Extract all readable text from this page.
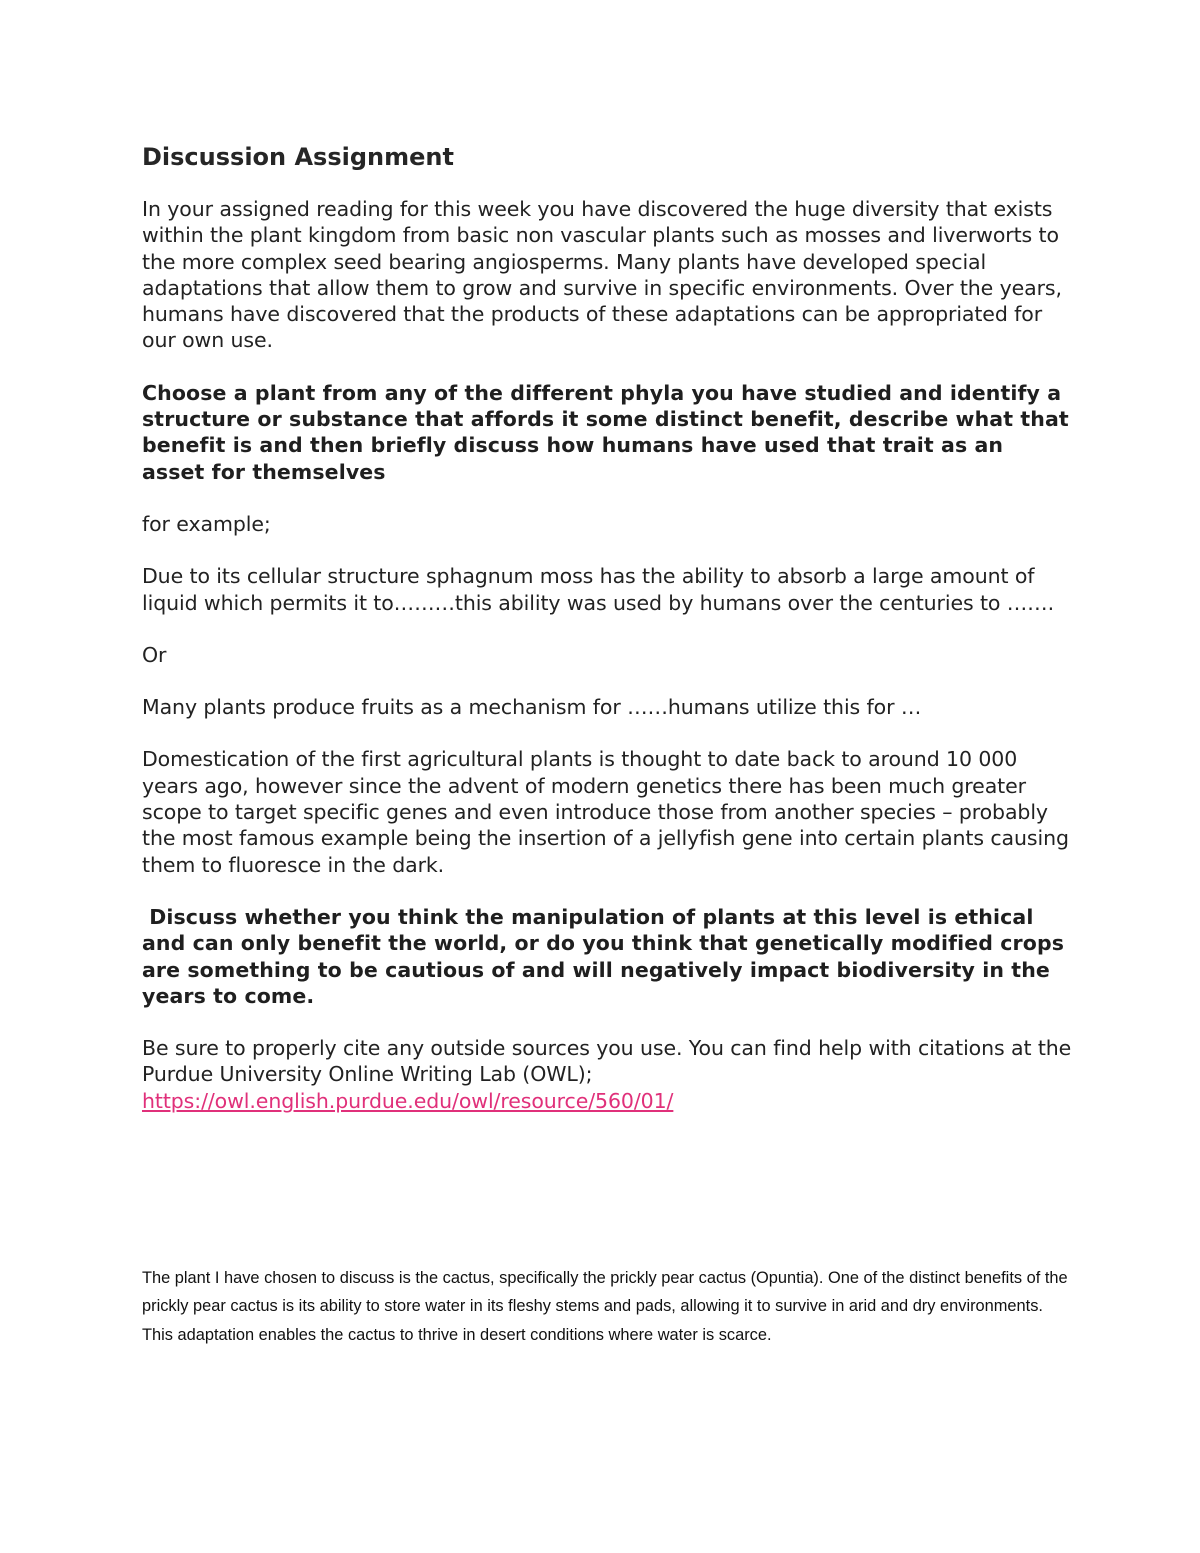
Discussion Assignment

In your assigned reading for this week you have discovered the huge diversity that exists within the plant kingdom from basic non vascular plants such as mosses and liverworts to the more complex seed bearing angiosperms. Many plants have developed special adaptations that allow them to grow and survive in specific environments. Over the years, humans have discovered that the products of these adaptations can be appropriated for our own use.

Choose a plant from any of the different phyla you have studied and identify a structure or substance that affords it some distinct benefit, describe what that benefit is and then briefly discuss how humans have used that trait as an asset for themselves

for example;

Due to its cellular structure sphagnum moss has the ability to absorb a large amount of liquid which permits it to………this ability was used by humans over the centuries to …….

Or

Many plants produce fruits as a mechanism for ……humans utilize this for …

Domestication of the first agricultural plants is thought to date back to around 10 000 years ago, however since the advent of modern genetics there has been much greater scope to target specific genes and even introduce those from another species – probably the most famous example being the insertion of a jellyfish gene into certain plants causing them to fluoresce in the dark.

Discuss whether you think the manipulation of plants at this level is ethical and can only benefit the world, or do you think that genetically modified crops are something to be cautious of and will negatively impact biodiversity in the years to come.

Be sure to properly cite any outside sources you use. You can find help with citations at the Purdue University Online Writing Lab (OWL); https://owl.english.purdue.edu/owl/resource/560/01/

The plant I have chosen to discuss is the cactus, specifically the prickly pear cactus (Opuntia). One of the distinct benefits of the prickly pear cactus is its ability to store water in its fleshy stems and pads, allowing it to survive in arid and dry environments. This adaptation enables the cactus to thrive in desert conditions where water is scarce.
